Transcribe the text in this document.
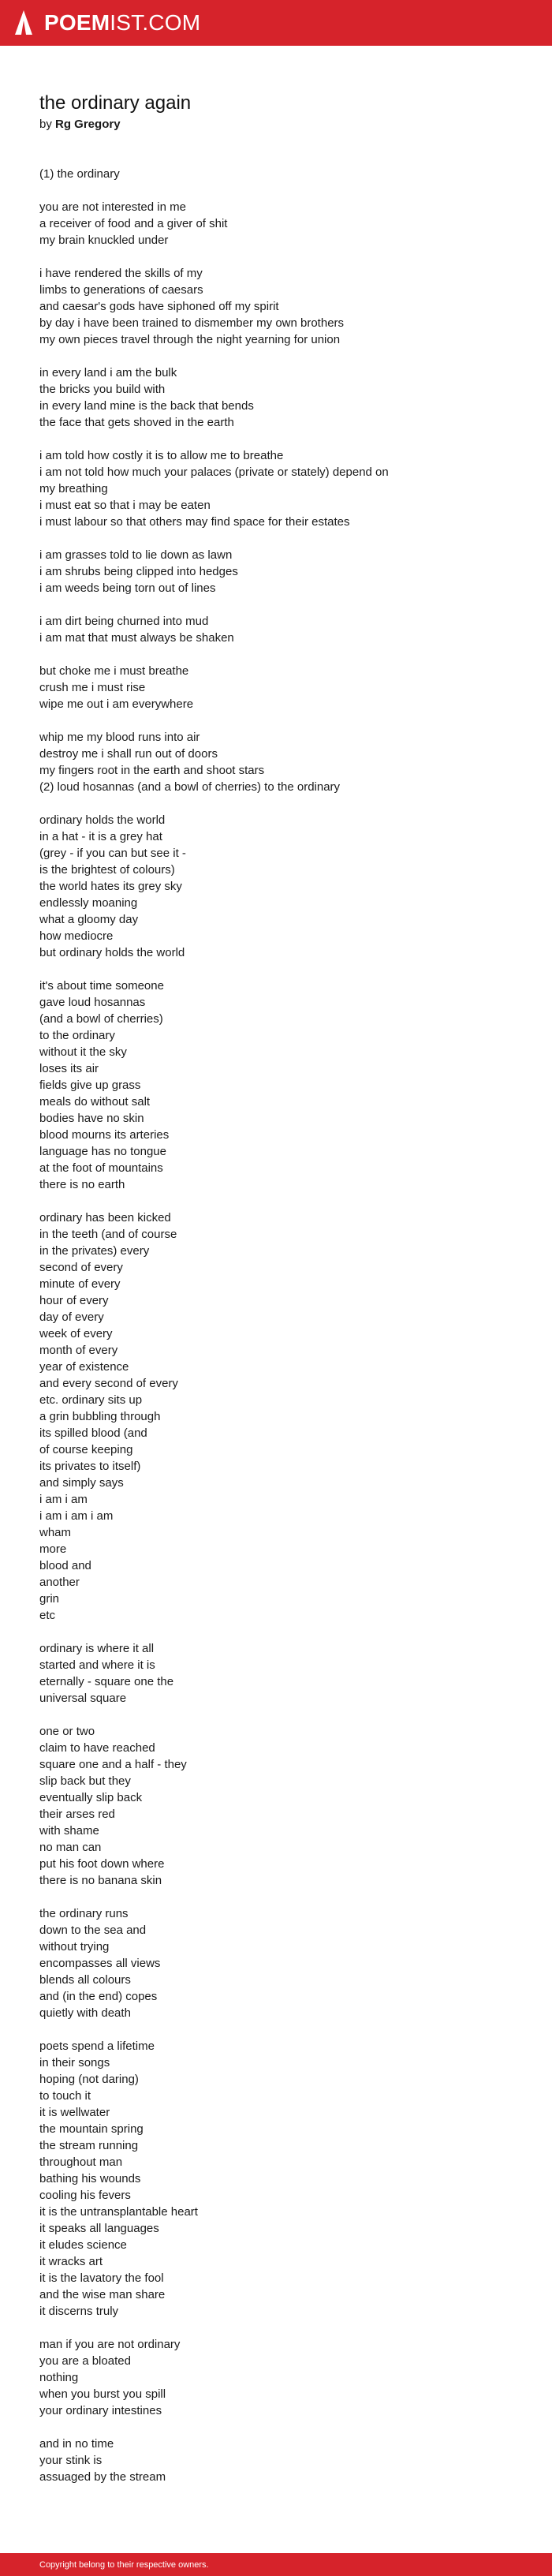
POEMIST.COM
the ordinary again
by Rg Gregory
(1) the ordinary
you are not interested in me
a receiver of food and a giver of shit
my brain knuckled under
i have rendered the skills of my
limbs to generations of caesars
and caesar's gods have siphoned off my spirit
by day i have been trained to dismember my own brothers
my own pieces travel through the night yearning for union
in every land i am the bulk
the bricks you build with
in every land mine is the back that bends
the face that gets shoved in the earth
i am told how costly it is to allow me to breathe
i am not told how much your palaces (private or stately) depend on
my breathing
i must eat so that i may be eaten
i must labour so that others may find space for their estates
i am grasses told to lie down as lawn
i am shrubs being clipped into hedges
i am weeds being torn out of lines
i am dirt being churned into mud
i am mat that must always be shaken
but choke me i must breathe
crush me i must rise
wipe me out i am everywhere
whip me my blood runs into air
destroy me i shall run out of doors
my fingers root in the earth and shoot stars
(2) loud hosannas (and a bowl of cherries) to the ordinary
ordinary holds the world
in a hat - it is a grey hat
(grey - if you can but see it -
is the brightest of colours)
the world hates its grey sky
endlessly moaning
what a gloomy day
how mediocre
but ordinary holds the world
it's about time someone
gave loud hosannas
(and a bowl of cherries)
to the ordinary
without it the sky
loses its air
fields give up grass
meals do without salt
bodies have no skin
blood mourns its arteries
language has no tongue
at the foot of mountains
there is no earth
ordinary has been kicked
in the teeth (and of course
in the privates) every
second of every
minute of every
hour of every
day of every
week of every
month of every
year of existence
and every second of every
etc. ordinary sits up
a grin bubbling through
its spilled blood (and
of course keeping
its privates to itself)
and simply says
i am i am
i am i am i am
wham
more
blood and
another
grin
etc
ordinary is where it all
started and where it is
eternally - square one the
universal square
one or two
claim to have reached
square one and a half - they
slip back but they
eventually slip back
their arses red
with shame
no man can
put his foot down where
there is no banana skin
the ordinary runs
down to the sea and
without trying
encompasses all views
blends all colours
and (in the end) copes
quietly with death
poets spend a lifetime
in their songs
hoping (not daring)
to touch it
it is wellwater
the mountain spring
the stream running
throughout man
bathing his wounds
cooling his fevers
it is the untransplantable heart
it speaks all languages
it eludes science
it wracks art
it is the lavatory the fool
and the wise man share
it discerns truly
man if you are not ordinary
you are a bloated
nothing
when you burst you spill
your ordinary intestines
and in no time
your stink is
assuaged by the stream
Copyright belong to their respective owners.
